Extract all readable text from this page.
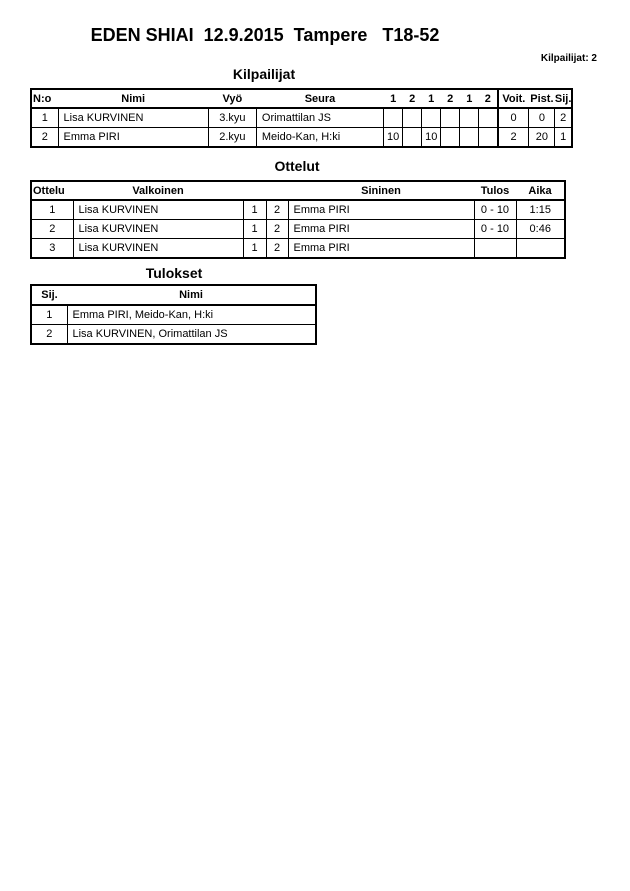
EDEN SHIAI  12.9.2015  Tampere   T18-52
Kilpailijat: 2
Kilpailijat
N:o	Nimi	Vyö	Seura	1	2	1	2	1	2	Voit.	Pist.	Sij.
1	Lisa KURVINEN	3.kyu	Orimattilan JS							0	0	2
2	Emma PIRI	2.kyu	Meido-Kan, H:ki	10		10				2	20	1
Ottelut
Ottelu	Valkoinen			Sininen	Tulos	Aika
1	Lisa KURVINEN	1	2	Emma PIRI	0 - 10	1:15
2	Lisa KURVINEN	1	2	Emma PIRI	0 - 10	0:46
3	Lisa KURVINEN	1	2	Emma PIRI		
Tulokset
Sij.	Nimi
1	Emma PIRI, Meido-Kan, H:ki
2	Lisa KURVINEN, Orimattilan JS
